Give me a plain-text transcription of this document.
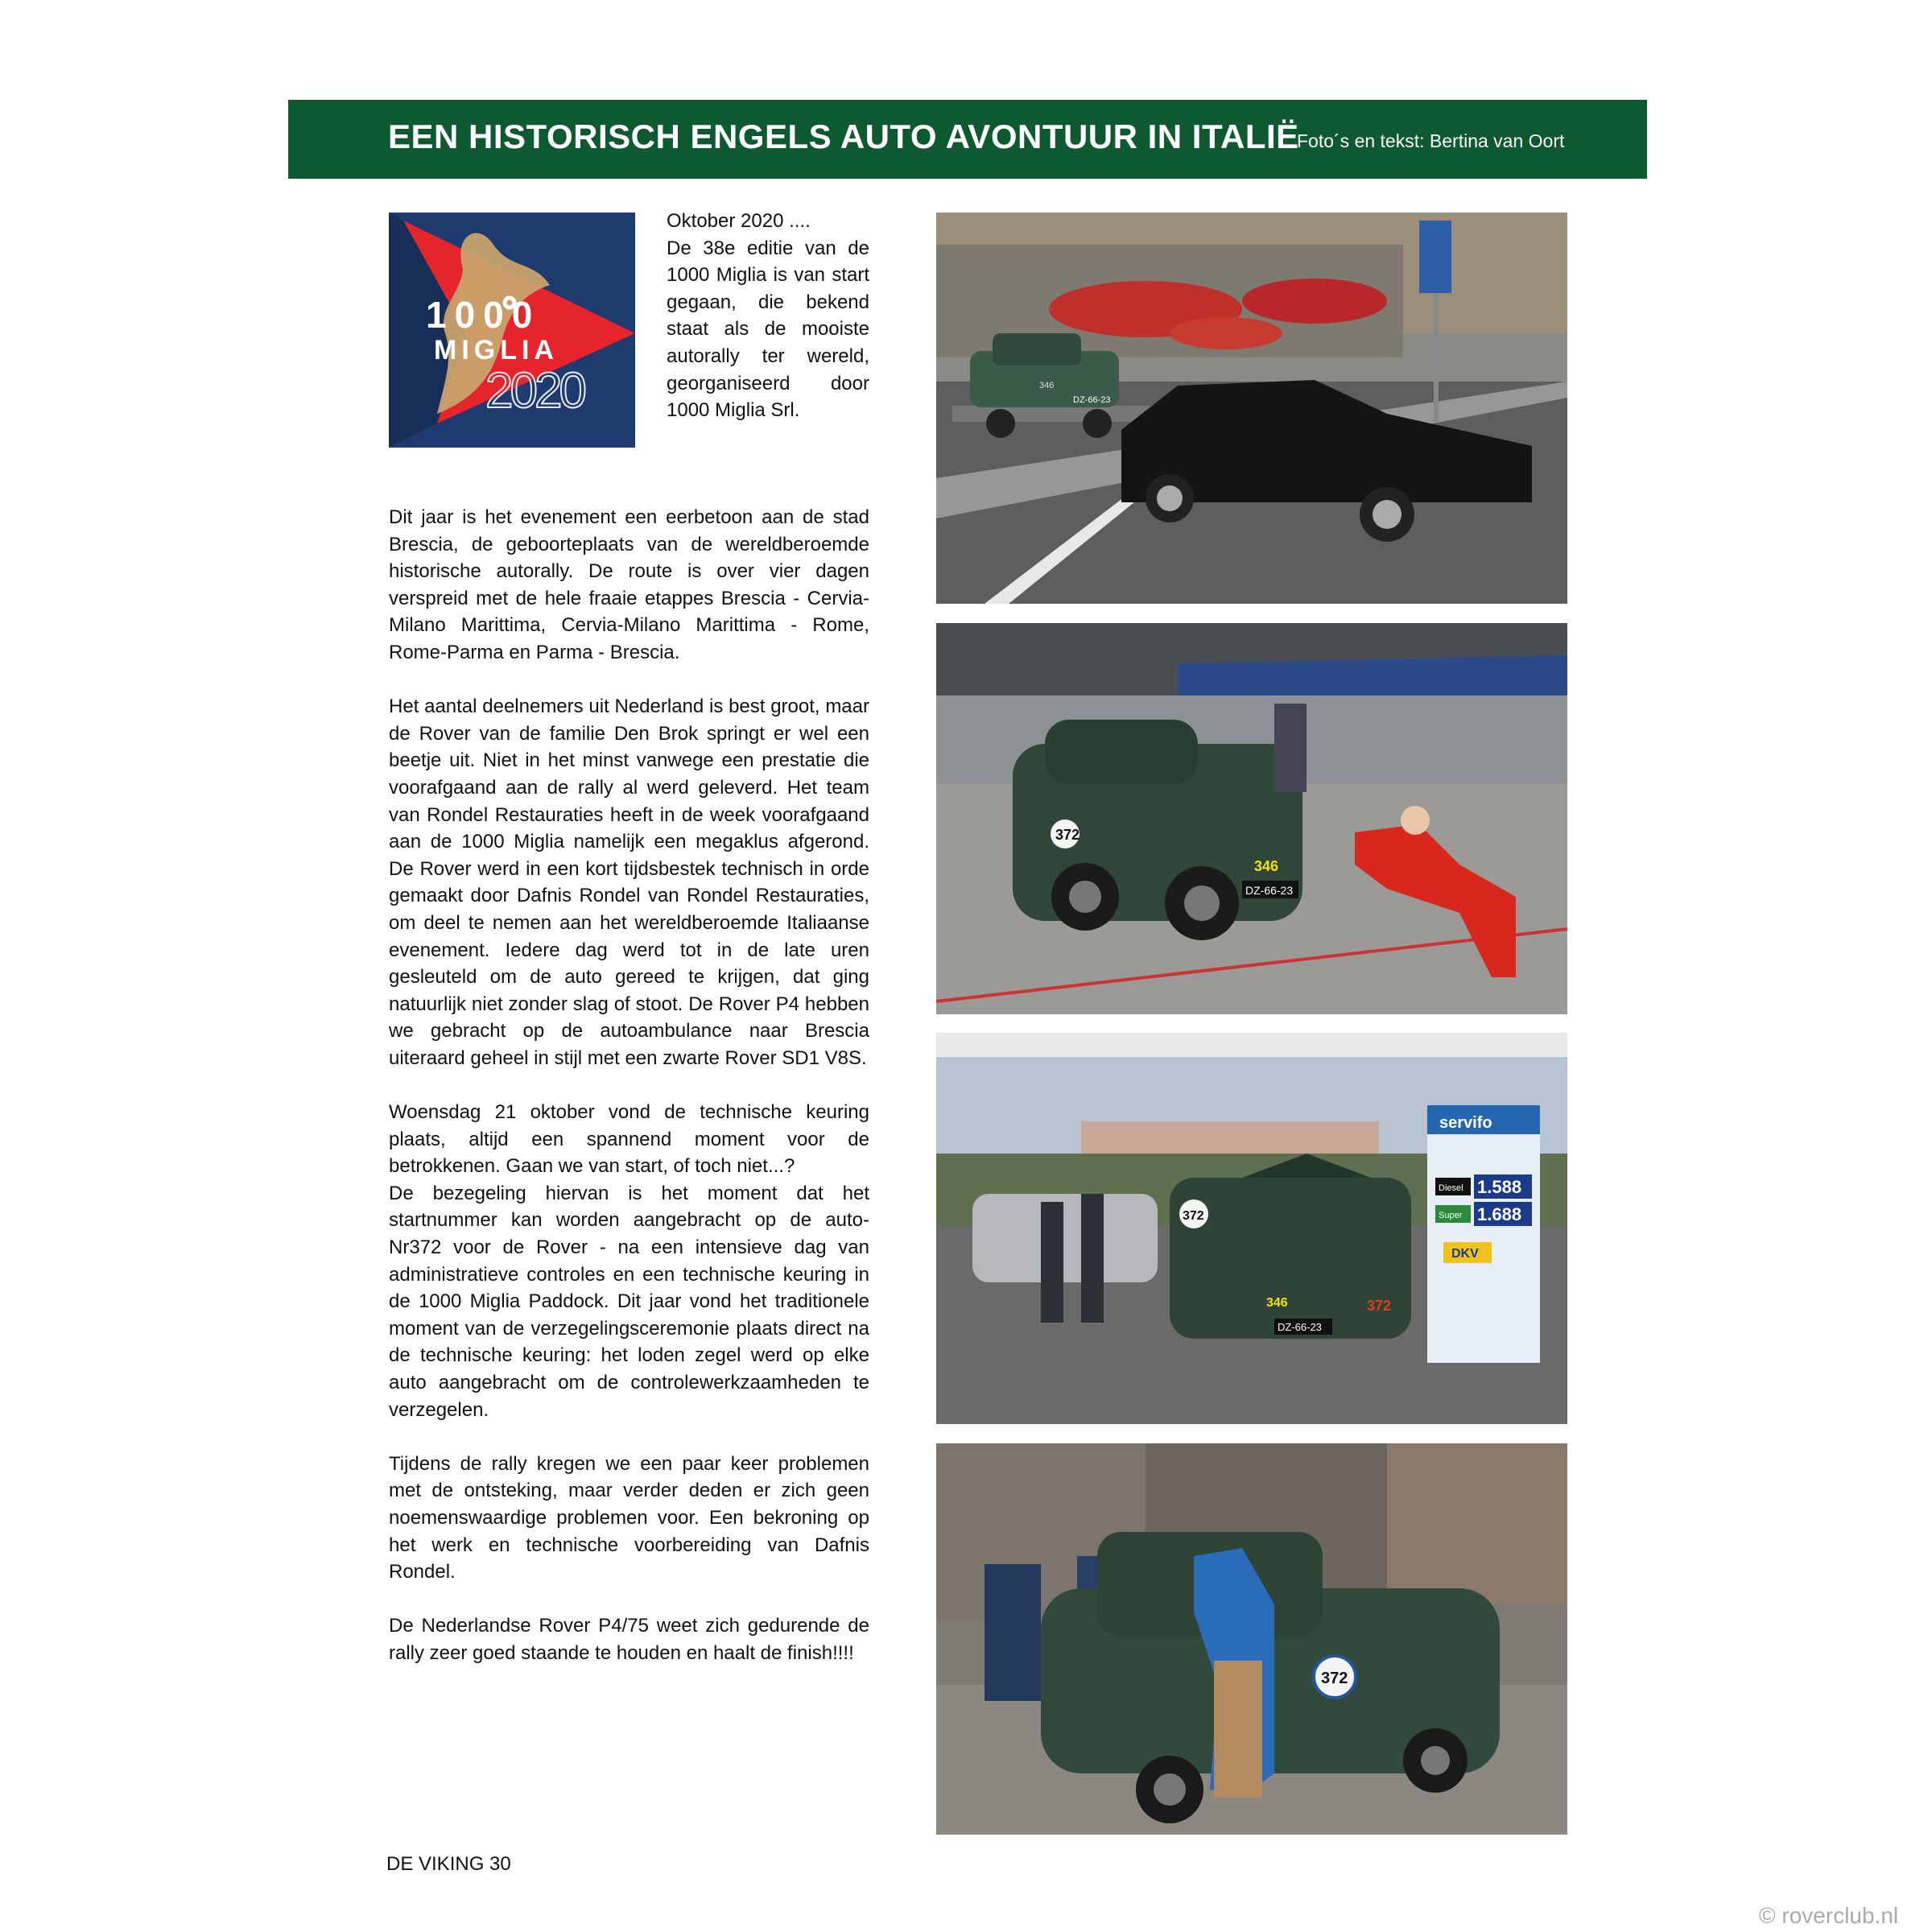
EEN HISTORISCH ENGELS AUTO AVONTUUR IN ITALIË
Foto´s en tekst: Bertina van Oort
1000
MIGLIA
2020

Oktober 2020 ....

De 38e editie van de 1000 Miglia is van start gegaan, die bekend staat als de mooiste autorally ter wereld, georganiseerd door 1000 Miglia Srl.

Dit jaar is het evenement een eerbetoon aan de stad Brescia, de geboorteplaats van de wereldberoemde historische autorally. De route is over vier dagen verspreid met de hele fraaie etappes Brescia - Cervia-Milano Marittima, Cervia-Milano Marittima - Rome, Rome-Parma en Parma - Brescia.

Het aantal deelnemers uit Nederland is best groot, maar de Rover van de familie Den Brok springt er wel een beetje uit. Niet in het minst vanwege een prestatie die voorafgaand aan de rally al werd geleverd. Het team van Rondel Restauraties heeft in de week voorafgaand aan de 1000 Miglia namelijk een megaklus afgerond. De Rover werd in een kort tijdsbestek technisch in orde gemaakt door Dafnis Rondel van Rondel Restauraties, om deel te nemen aan het wereldberoemde Italiaanse evenement. Iedere dag werd tot in de late uren gesleuteld om de auto gereed te krijgen, dat ging natuurlijk niet zonder slag of stoot. De Rover P4 hebben we gebracht op de autoambulance naar Brescia uiteraard geheel in stijl met een zwarte Rover SD1 V8S.

Woensdag 21 oktober vond de technische keuring plaats, altijd een spannend moment voor de betrokkenen. Gaan we van start, of toch niet...?

De bezegeling hiervan is het moment dat het startnummer kan worden aangebracht op de auto- Nr372 voor de Rover - na een intensieve dag van administratieve controles en een technische keuring in de 1000 Miglia Paddock. Dit jaar vond het traditionele moment van de verzegelingsceremonie plaats direct na de technische keuring: het loden zegel werd op elke auto aangebracht om de controlewerkzaamheden te verzegelen.

Tijdens de rally kregen we een paar keer problemen met de ontsteking, maar verder deden er zich geen noemenswaardige problemen voor. Een bekroning op het werk en technische voorbereiding van Dafnis Rondel.

De Nederlandse Rover P4/75 weet zich gedurende de rally zeer goed staande te houden en haalt de finish!!!!

DZ-66-23
346
372
346
DZ-66-23
servifo
Diesel 1.588
Super 1.688
DKV
372
346	372
DZ-66-23
372
DE VIKING 30
© roverclub.nl
